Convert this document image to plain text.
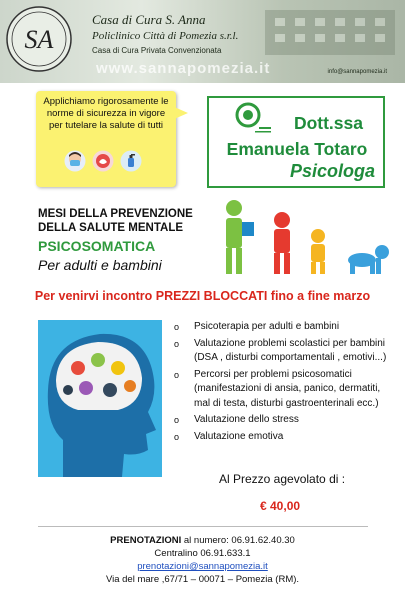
SA
Casa di Cura S. Anna
Policlinico Città di Pomezia s.r.l.
Casa di Cura Privata Convenzionata
www.sannapomezia.it	info@sannapomezia.it
Applichiamo rigorosamente le norme di sicurezza in vigore per tutelare la salute di tutti	Dott.ssa
Emanuela Totaro
Psicologa
MESI DELLA PREVENZIONE
DELLA SALUTE MENTALE
PSICOSOMATICA
Per adulti e bambini
Per venirvi incontro PREZZI BLOCCATI fino a fine marzo
o Psicoterapia per adulti e bambini
o Valutazione problemi scolastici per bambini (DSA , disturbi comportamentali , emotivi...)
o Percorsi per problemi psicosomatici (manifestazioni di ansia, panico, dermatiti, mal di testa, disturbi gastroenterinali ecc.)
o Valutazione dello stress
o Valutazione emotiva
Al Prezzo agevolato di :
€ 40,00
PRENOTAZIONI al numero: 06.91.62.40.30
Centralino 06.91.633.1
prenotazioni@sannapomezia.it
Via del mare ,67/71 – 00071 – Pomezia (RM).
